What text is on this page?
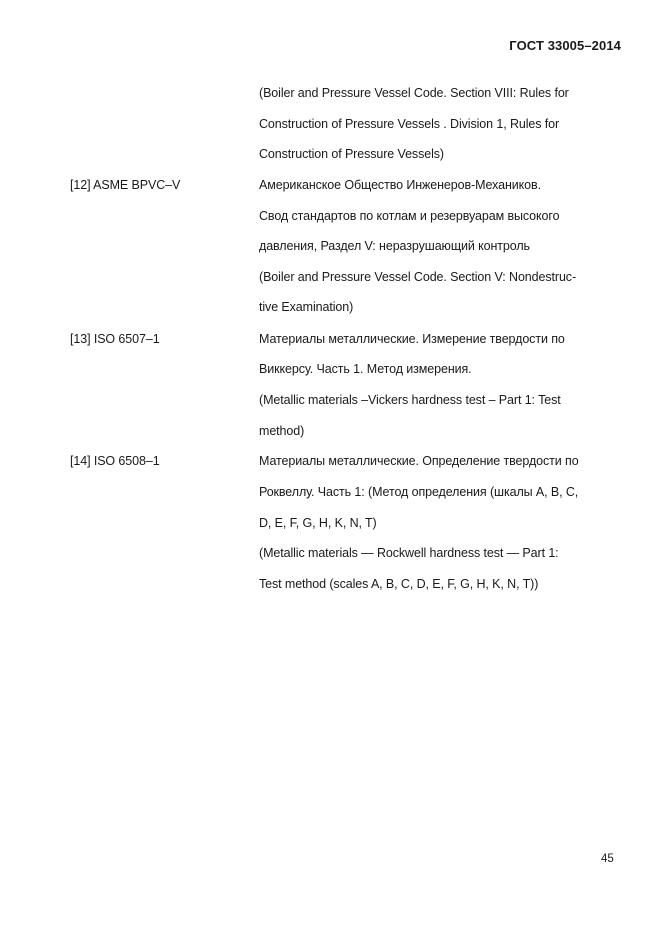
ГОСТ 33005–2014
(Boiler and Pressure Vessel Code. Section VIII: Rules for
Construction of Pressure Vessels . Division 1, Rules for
Construction of Pressure Vessels)
[12] ASME BPVC–V	Американское Общество Инженеров-Механиков.
Свод стандартов по котлам и резервуарам высокого
давления, Раздел V: неразрушающий контроль
(Boiler and Pressure Vessel Code. Section V: Nondestruc-
tive Examination)
[13] ISO 6507–1	Материалы металлические. Измерение твердости по
Виккерсу. Часть 1. Метод измерения.
(Metallic materials –Vickers hardness test – Part 1: Test
method)
[14] ISO 6508–1	Материалы металлические. Определение твердости по
Роквеллу. Часть 1: (Метод определения (шкалы A, B, C,
D, E, F, G, H, K, N, T)
(Metallic materials — Rockwell hardness test — Part 1:
Test method (scales A, B, C, D, E, F, G, H, K, N, T))
45
